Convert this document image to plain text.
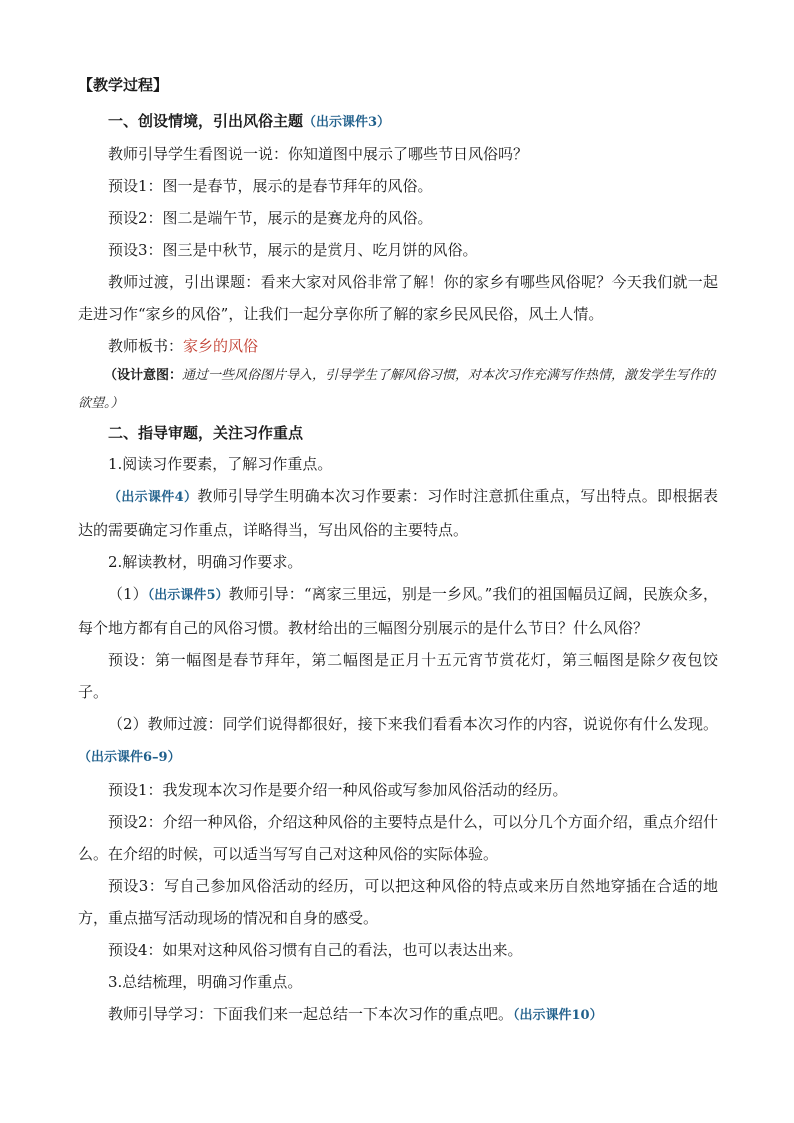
【教学过程】
一、创设情境，引出风俗主题（出示课件3）
教师引导学生看图说一说：你知道图中展示了哪些节日风俗吗？
预设1：图一是春节，展示的是春节拜年的风俗。
预设2：图二是端午节，展示的是赛龙舟的风俗。
预设3：图三是中秋节，展示的是赏月、吃月饼的风俗。
教师过渡，引出课题：看来大家对风俗非常了解！你的家乡有哪些风俗呢？今天我们就一起走进习作“家乡的风俗”，让我们一起分享你所了解的家乡民风民俗，风土人情。
教师板书：家乡的风俗
（设计意图：通过一些风俗图片导入，引导学生了解风俗习惯，对本次习作充满写作热情，激发学生写作的欲望。）
二、指导审题，关注习作重点
1.阅读习作要素，了解习作重点。
（出示课件4）教师引导学生明确本次习作要素：习作时注意抓住重点，写出特点。即根据表达的需要确定习作重点，详略得当，写出风俗的主要特点。
2.解读教材，明确习作要求。
（1）（出示课件5）教师引导：“离家三里远，别是一乡风。”我们的祖国幅员辽阔，民族众多，每个地方都有自己的风俗习惯。教材给出的三幅图分别展示的是什么节日？什么风俗？
预设：第一幅图是春节拜年，第二幅图是正月十五元宵节赏花灯，第三幅图是除夕夜包饺子。
（2）教师过渡：同学们说得都很好，接下来我们看看本次习作的内容，说说你有什么发现。（出示课件6–9）
预设1：我发现本次习作是要介绍一种风俗或写参加风俗活动的经历。
预设2：介绍一种风俗，介绍这种风俗的主要特点是什么，可以分几个方面介绍，重点介绍什么。在介绍的时候，可以适当写写自己对这种风俗的实际体验。
预设3：写自己参加风俗活动的经历，可以把这种风俗的特点或来历自然地穿插在合适的地方，重点描写活动现场的情况和自身的感受。
预设4：如果对这种风俗习惯有自己的看法，也可以表达出来。
3.总结梳理，明确习作重点。
教师引导学习：下面我们来一起总结一下本次习作的重点吧。（出示课件10）
